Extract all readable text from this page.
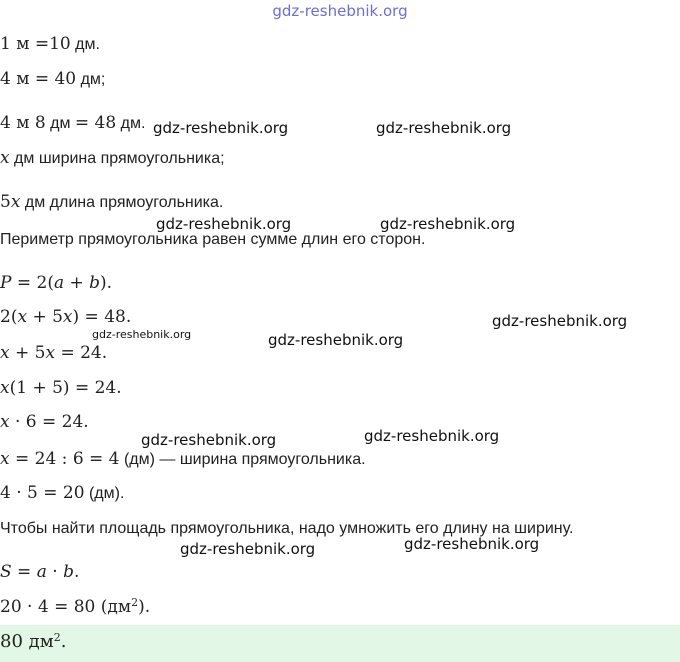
gdz-reshebnik.org
1 м =10 дм.
4 м = 40 дм;
4 м 8 дм = 48 дм.
x дм ширина прямоугольника;
5x дм длина прямоугольника.
Периметр прямоугольника равен сумме длин его сторон.
P = 2(a + b).
2(x + 5x) = 48.
x + 5x = 24.
x(1 + 5) = 24.
x · 6 = 24.
x = 24 : 6 = 4 (дм) — ширина прямоугольника.
4 · 5 = 20 (дм).
Чтобы найти площадь прямоугольника, надо умножить его длину на ширину.
S = a · b.
20 · 4 = 80 $(дм^2)$.
80 $дм^2$.
gdz-reshebnik.org	gdz-reshebnik.org
gdz-reshebnik.org	gdz-reshebnik.org
gdz-reshebnik.org
gdz-reshebnik.org	gdz-reshebnik.org
gdz-reshebnik.org	gdz-reshebnik.org
gdz-reshebnik.org	gdz-reshebnik.org
